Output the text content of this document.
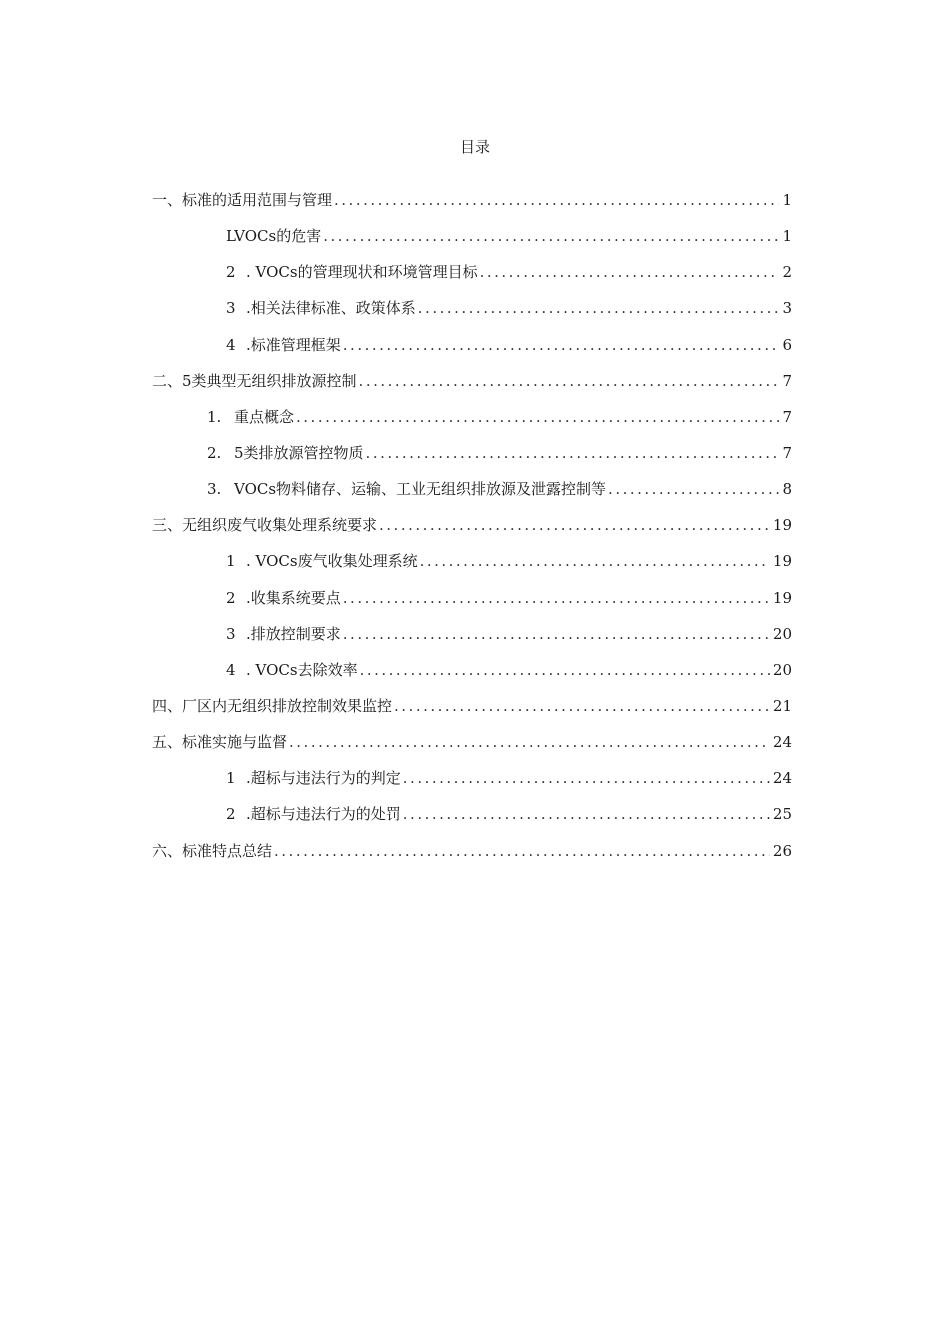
目录
一、标准的适用范围与管理 .....	1
LVOCs的危害 .....	1
2 . VOCs的管理现状和环境管理目标 .....	2
3 .相关法律标准、政策体系 .....	3
4 .标准管理框架 .....	6
二、5类典型无组织排放源控制 .....	7
1. 重点概念 .....	7
2. 5类排放源管控物质 .....	7
3. VOCs物料储存、运输、工业无组织排放源及泄露控制等 .....	8
三、无组织废气收集处理系统要求 .....	19
1 . VOCs废气收集处理系统 .....	19
2 .收集系统要点 .....	19
3 .排放控制要求 .....	20
4 . VOCs去除效率 .....	20
四、厂区内无组织排放控制效果监控 .....	21
五、标准实施与监督 .....	24
1 .超标与违法行为的判定 .....	24
2 .超标与违法行为的处罚 .....	25
六、标准特点总结 .....	26
